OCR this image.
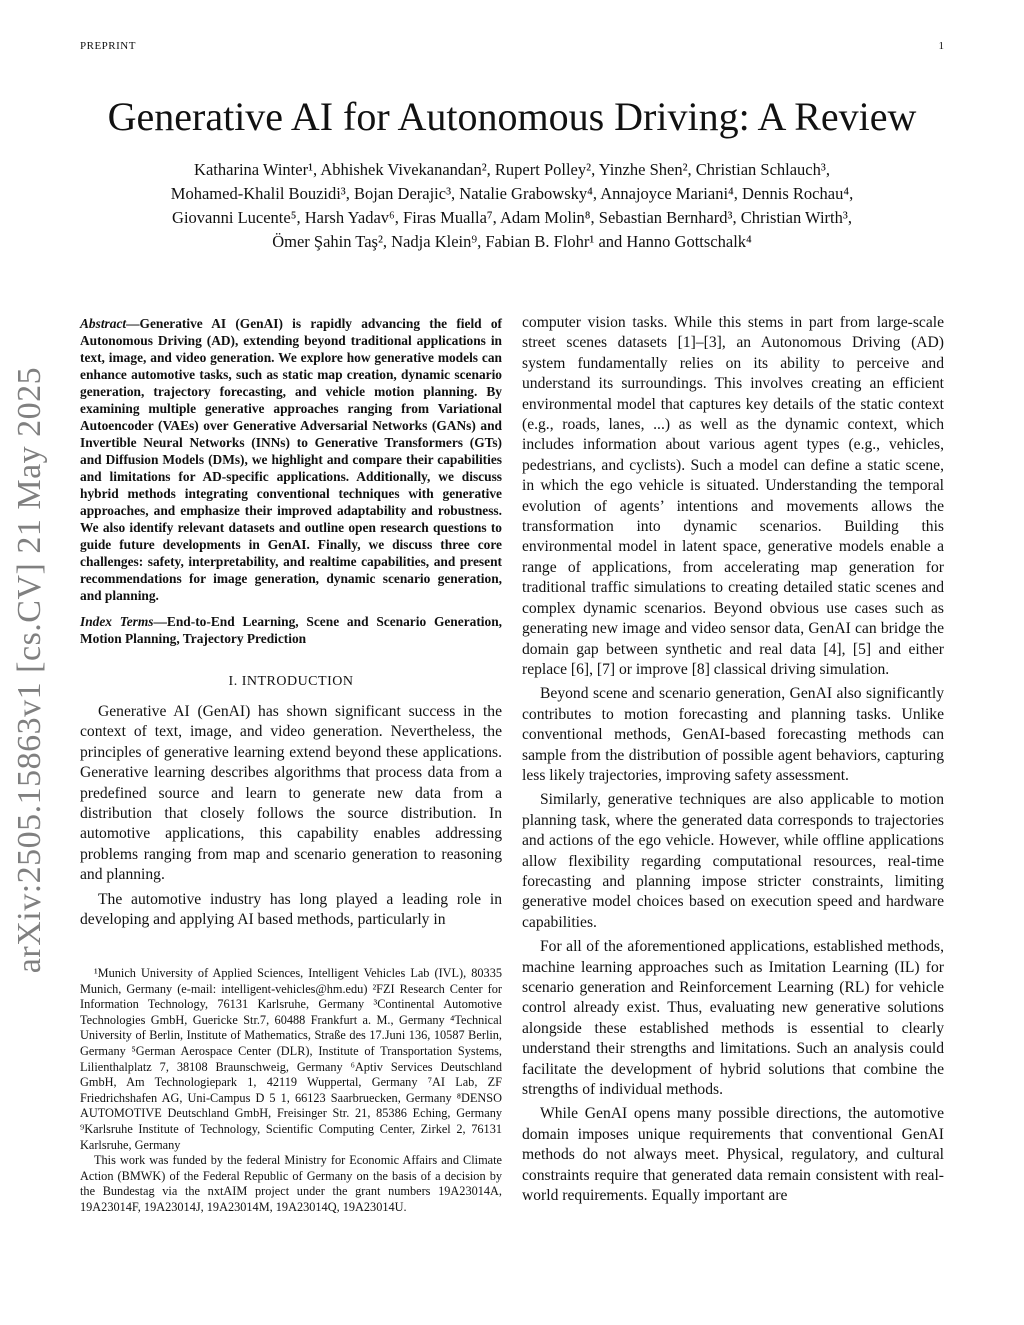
PREPRINT	1
arXiv:2505.15863v1 [cs.CV] 21 May 2025
Generative AI for Autonomous Driving: A Review
Katharina Winter¹, Abhishek Vivekanandan², Rupert Polley², Yinzhe Shen², Christian Schlauch³,
Mohamed-Khalil Bouzidi³, Bojan Derajic³, Natalie Grabowsky⁴, Annajoyce Mariani⁴, Dennis Rochau⁴,
Giovanni Lucente⁵, Harsh Yadav⁶, Firas Mualla⁷, Adam Molin⁸, Sebastian Bernhard³, Christian Wirth³,
Ömer Şahin Taş², Nadja Klein⁹, Fabian B. Flohr¹ and Hanno Gottschalk⁴

Abstract—Generative AI (GenAI) is rapidly advancing the field of Autonomous Driving (AD), extending beyond traditional applications in text, image, and video generation. We explore how generative models can enhance automotive tasks, such as static map creation, dynamic scenario generation, trajectory forecasting, and vehicle motion planning. By examining multiple generative approaches ranging from Variational Autoencoder (VAEs) over Generative Adversarial Networks (GANs) and Invertible Neural Networks (INNs) to Generative Transformers (GTs) and Diffusion Models (DMs), we highlight and compare their capabilities and limitations for AD-specific applications. Additionally, we discuss hybrid methods integrating conventional techniques with generative approaches, and emphasize their improved adaptability and robustness. We also identify relevant datasets and outline open research questions to guide future developments in GenAI. Finally, we discuss three core challenges: safety, interpretability, and realtime capabilities, and present recommendations for image generation, dynamic scenario generation, and planning.

Index Terms—End-to-End Learning, Scene and Scenario Generation, Motion Planning, Trajectory Prediction

I. INTRODUCTION

Generative AI (GenAI) has shown significant success in the context of text, image, and video generation. Nevertheless, the principles of generative learning extend beyond these applications. Generative learning describes algorithms that process data from a predefined source and learn to generate new data from a distribution that closely follows the source distribution. In automotive applications, this capability enables addressing problems ranging from map and scenario generation to reasoning and planning.

The automotive industry has long played a leading role in developing and applying AI based methods, particularly in

¹Munich University of Applied Sciences, Intelligent Vehicles Lab (IVL), 80335 Munich, Germany (e-mail: intelligent-vehicles@hm.edu) ²FZI Research Center for Information Technology, 76131 Karlsruhe, Germany ³Continental Automotive Technologies GmbH, Guericke Str.7, 60488 Frankfurt a. M., Germany ⁴Technical University of Berlin, Institute of Mathematics, Straße des 17.Juni 136, 10587 Berlin, Germany ⁵German Aerospace Center (DLR), Institute of Transportation Systems, Lilienthalplatz 7, 38108 Braunschweig, Germany ⁶Aptiv Services Deutschland GmbH, Am Technologiepark 1, 42119 Wuppertal, Germany ⁷AI Lab, ZF Friedrichshafen AG, Uni-Campus D 5 1, 66123 Saarbruecken, Germany ⁸DENSO AUTOMOTIVE Deutschland GmbH, Freisinger Str. 21, 85386 Eching, Germany ⁹Karlsruhe Institute of Technology, Scientific Computing Center, Zirkel 2, 76131 Karlsruhe, Germany

This work was funded by the federal Ministry for Economic Affairs and Climate Action (BMWK) of the Federal Republic of Germany on the basis of a decision by the Bundestag via the nxtAIM project under the grant numbers 19A23014A, 19A23014F, 19A23014J, 19A23014M, 19A23014Q, 19A23014U.

computer vision tasks. While this stems in part from large-scale street scenes datasets [1]–[3], an Autonomous Driving (AD) system fundamentally relies on its ability to perceive and understand its surroundings. This involves creating an efficient environmental model that captures key details of the static context (e.g., roads, lanes, ...) as well as the dynamic context, which includes information about various agent types (e.g., vehicles, pedestrians, and cyclists). Such a model can define a static scene, in which the ego vehicle is situated. Understanding the temporal evolution of agents’ intentions and movements allows the transformation into dynamic scenarios. Building this environmental model in latent space, generative models enable a range of applications, from accelerating map generation for traditional traffic simulations to creating detailed static scenes and complex dynamic scenarios. Beyond obvious use cases such as generating new image and video sensor data, GenAI can bridge the domain gap between synthetic and real data [4], [5] and either replace [6], [7] or improve [8] classical driving simulation.

Beyond scene and scenario generation, GenAI also significantly contributes to motion forecasting and planning tasks. Unlike conventional methods, GenAI-based forecasting methods can sample from the distribution of possible agent behaviors, capturing less likely trajectories, improving safety assessment.

Similarly, generative techniques are also applicable to motion planning task, where the generated data corresponds to trajectories and actions of the ego vehicle. However, while offline applications allow flexibility regarding computational resources, real-time forecasting and planning impose stricter constraints, limiting generative model choices based on execution speed and hardware capabilities.

For all of the aforementioned applications, established methods, machine learning approaches such as Imitation Learning (IL) for scenario generation and Reinforcement Learning (RL) for vehicle control already exist. Thus, evaluating new generative solutions alongside these established methods is essential to clearly understand their strengths and limitations. Such an analysis could facilitate the development of hybrid solutions that combine the strengths of individual methods.

While GenAI opens many possible directions, the automotive domain imposes unique requirements that conventional GenAI methods do not always meet. Physical, regulatory, and cultural constraints require that generated data remain consistent with real-world requirements. Equally important are
